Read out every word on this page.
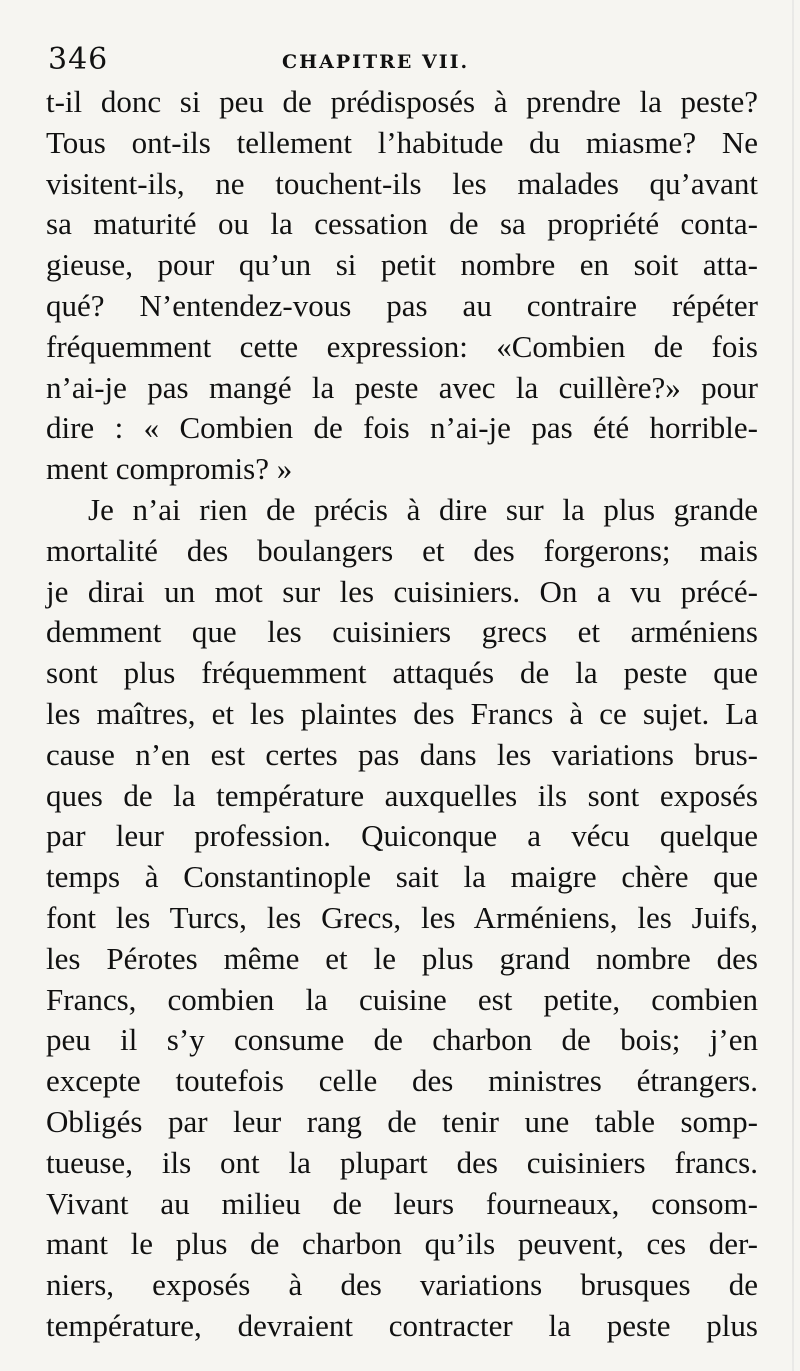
346	CHAPITRE VII.
t-il donc si peu de prédisposés à prendre la peste?
Tous ont-ils tellement l’habitude du miasme? Ne
visitent-ils, ne touchent-ils les malades qu’avant
sa maturité ou la cessation de sa propriété conta-
gieuse, pour qu’un si petit nombre en soit atta-
qué? N’entendez-vous pas au contraire répéter
fréquemment cette expression: «Combien de fois
n’ai-je pas mangé la peste avec la cuillère?» pour
dire : « Combien de fois n’ai-je pas été horrible-
ment compromis? »
Je n’ai rien de précis à dire sur la plus grande
mortalité des boulangers et des forgerons; mais
je dirai un mot sur les cuisiniers. On a vu précé-
demment que les cuisiniers grecs et arméniens
sont plus fréquemment attaqués de la peste que
les maîtres, et les plaintes des Francs à ce sujet. La
cause n’en est certes pas dans les variations brus-
ques de la température auxquelles ils sont exposés
par leur profession. Quiconque a vécu quelque
temps à Constantinople sait la maigre chère que
font les Turcs, les Grecs, les Arméniens, les Juifs,
les Pérotes même et le plus grand nombre des
Francs, combien la cuisine est petite, combien
peu il s’y consume de charbon de bois; j’en
excepte toutefois celle des ministres étrangers.
Obligés par leur rang de tenir une table somp-
tueuse, ils ont la plupart des cuisiniers francs.
Vivant au milieu de leurs fourneaux, consom-
mant le plus de charbon qu’ils peuvent, ces der-
niers, exposés à des variations brusques de
température, devraient contracter la peste plus
